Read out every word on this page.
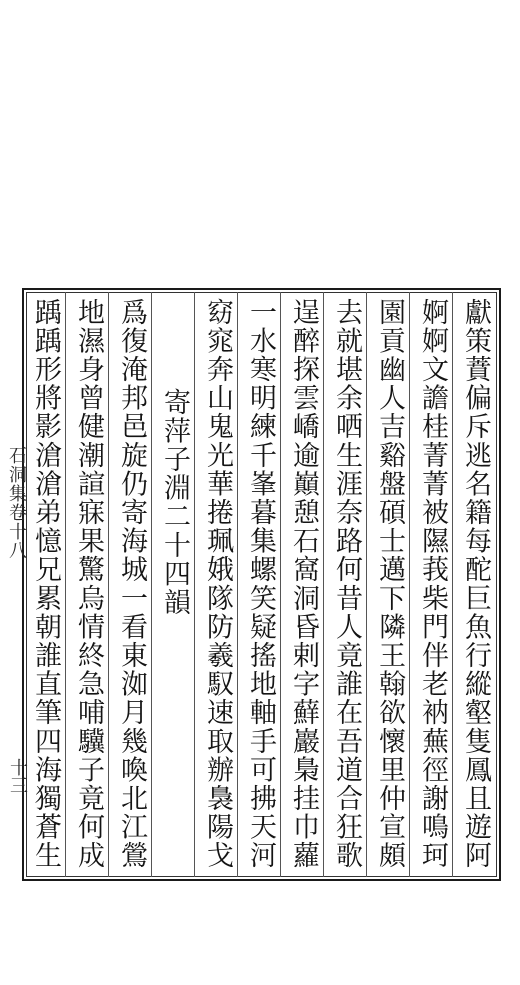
石洞集卷十八
十三	獻策蕡偏斥逃名籍每酡巨魚行縱壑隻鳳且遊阿
婀婀文譫桂菁菁被隰莪柴門伴老衲蕪徑謝鳴珂
園貢幽人吉谿盤碩士邁下隣王翰欲懷里仲宣頗
去就堪余哂生涯奈路何昔人竟誰在吾道合狂歌
逞醉探雲嶠逾巔憩石窩洞昏剌字蘚巖梟挂巾蘿
一水寒明練千峯暮集螺笑疑搖地軸手可拂天河
窈窕奔山鬼光華捲珮娥隊防羲馭速取辦裊陽戈
寄萍子淵二十四韻
爲復淹邦邑旋仍寄海城一看東洳月幾喚北江鶯
地濕身曾健潮諠寐果驚烏情終急哺驥子竟何成
踽踽形將影滄滄弟憶兄累朝誰直筆四海獨蒼生
